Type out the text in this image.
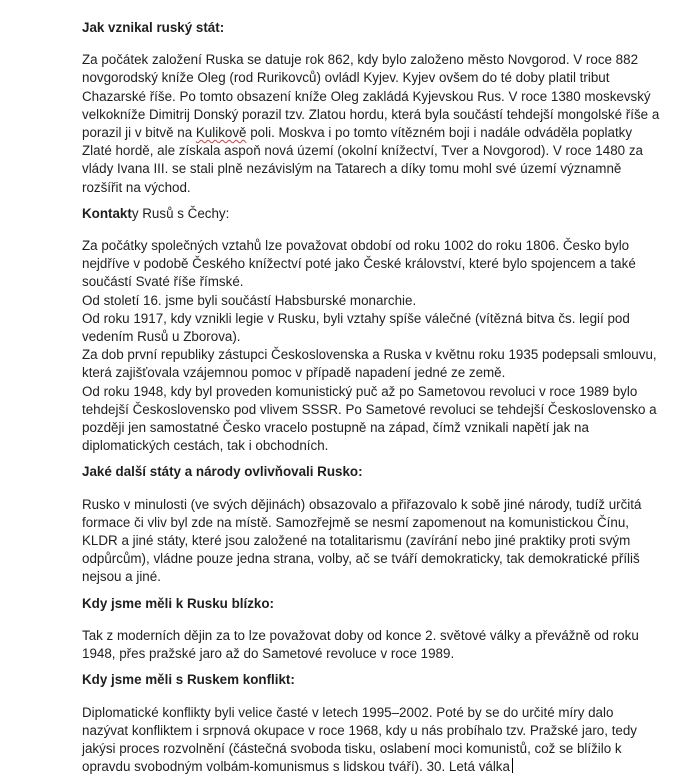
Jak vznikal ruský stát:
Za počátek založení Ruska se datuje rok 862, kdy bylo založeno město Novgorod. V roce 882 novgorodský kníže Oleg (rod Rurikovců) ovládl Kyjev. Kyjev ovšem do té doby platil tribut Chazarské říše. Po tomto obsazení kníže Oleg zakládá Kyjevskou Rus. V roce 1380 moskevský velkokníže Dimitrij Donský porazil tzv. Zlatou hordu, která byla součástí tehdejší mongolské říše a porazil ji v bitvě na Kulikově poli. Moskva i po tomto vítězném boji i nadále odváděla poplatky Zlaté hordě, ale získala aspoň nová území (okolní knížectví, Tver a Novgorod). V roce 1480 za vlády Ivana III. se stali plně nezávislým na Tatarech a díky tomu mohl své území významně rozšířit na východ.
Kontakty Rusů s Čechy:
Za počátky společných vztahů lze považovat období od roku 1002 do roku 1806. Česko bylo nejdříve v podobě Českého knížectví poté jako České království, které bylo spojencem a také součástí Svaté říše římské.
Od století 16. jsme byli součástí Habsburské monarchie.
Od roku 1917, kdy vznikli legie v Rusku, byli vztahy spíše válečné (vítězná bitva čs. legií pod vedením Rusů u Zborova).
Za dob první republiky zástupci Československa a Ruska v květnu roku 1935 podepsali smlouvu, která zajišťovala vzájemnou pomoc v případě napadení jedné ze země.
Od roku 1948, kdy byl proveden komunistický puč až po Sametovou revoluci v roce 1989 bylo tehdejší Československo pod vlivem SSSR. Po Sametové revoluci se tehdejší Československo a později jen samostatné Česko vracelo postupně na západ, čímž vznikali napětí jak na diplomatických cestách, tak i obchodních.
Jaké další státy a národy ovlivňovali Rusko:
Rusko v minulosti (ve svých dějinách) obsazovalo a přiřazovalo k sobě jiné národy, tudíž určitá formace či vliv byl zde na místě. Samozřejmě se nesmí zapomenout na komunistickou Čínu, KLDR a jiné státy, které jsou založené na totalitarismu (zavírání nebo jiné praktiky proti svým odpůrcům), vládne pouze jedna strana, volby, ač se tváří demokraticky, tak demokratické příliš nejsou a jiné.
Kdy jsme měli k Rusku blízko:
Tak z moderních dějin za to lze považovat doby od konce 2. světové války a převážně od roku 1948, přes pražské jaro až do Sametové revoluce v roce 1989.
Kdy jsme měli s Ruskem konflikt:
Diplomatické konflikty byli velice časté v letech 1995–2002. Poté by se do určité míry dalo nazývat konfliktem i srpnová okupace v roce 1968, kdy u nás probíhalo tzv. Pražské jaro, tedy jakýsi proces rozvolnění (částečná svoboda tisku, oslabení moci komunistů, což se blížilo k opravdu svobodným volbám-komunismus s lidskou tváří). 30. Letá válka
